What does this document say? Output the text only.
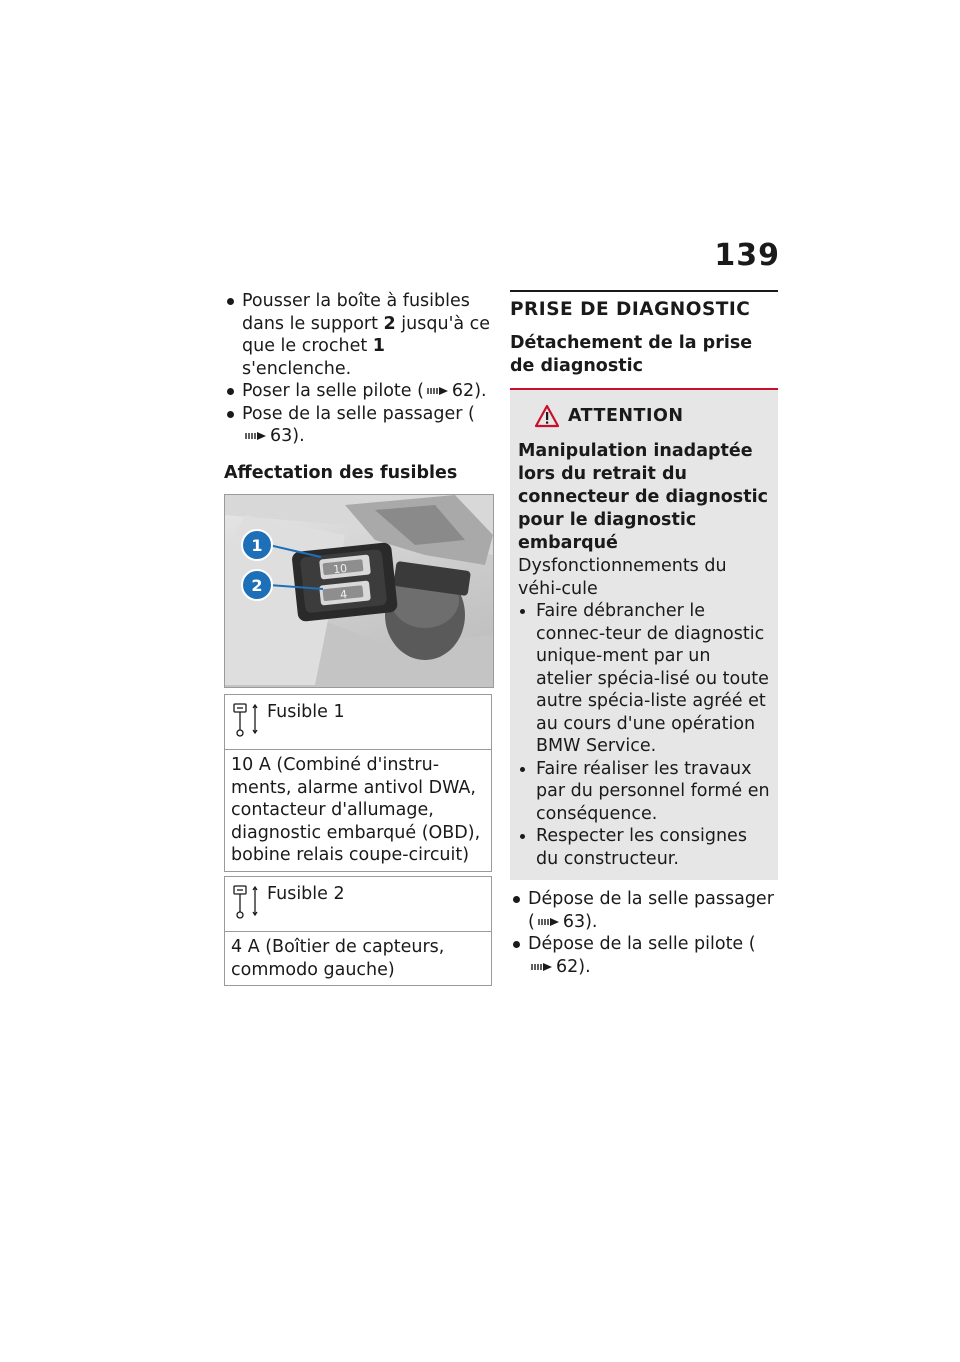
139
Pousser la boîte à fusibles dans le support 2 jusqu'à ce que le crochet 1 s'enclenche.
Poser la selle pilote ( 62).
Pose de la selle passager (63).
Affectation des fusibles
10
4
1
2
Fusible 1
10 A (Combiné d'instru-ments, alarme antivol DWA, contacteur d'allumage, diagnostic embarqué (OBD), bobine relais coupe-circuit)
Fusible 2
4 A (Boîtier de capteurs, commodo gauche)
PRISE DE DIAGNOSTIC
Détachement de la prise de diagnostic
ATTENTION
Manipulation inadaptée lors du retrait du connecteur de diagnostic pour le diagnostic embarqué
Dysfonctionnements du véhi-cule
Faire débrancher le connec-teur de diagnostic unique-ment par un atelier spécia-lisé ou toute autre spécia-liste agréé et au cours d'une opération BMW Service.
Faire réaliser les travaux par du personnel formé en conséquence.
Respecter les consignes du constructeur.
Dépose de la selle passager ( 63).
Dépose de la selle pilote (62).
